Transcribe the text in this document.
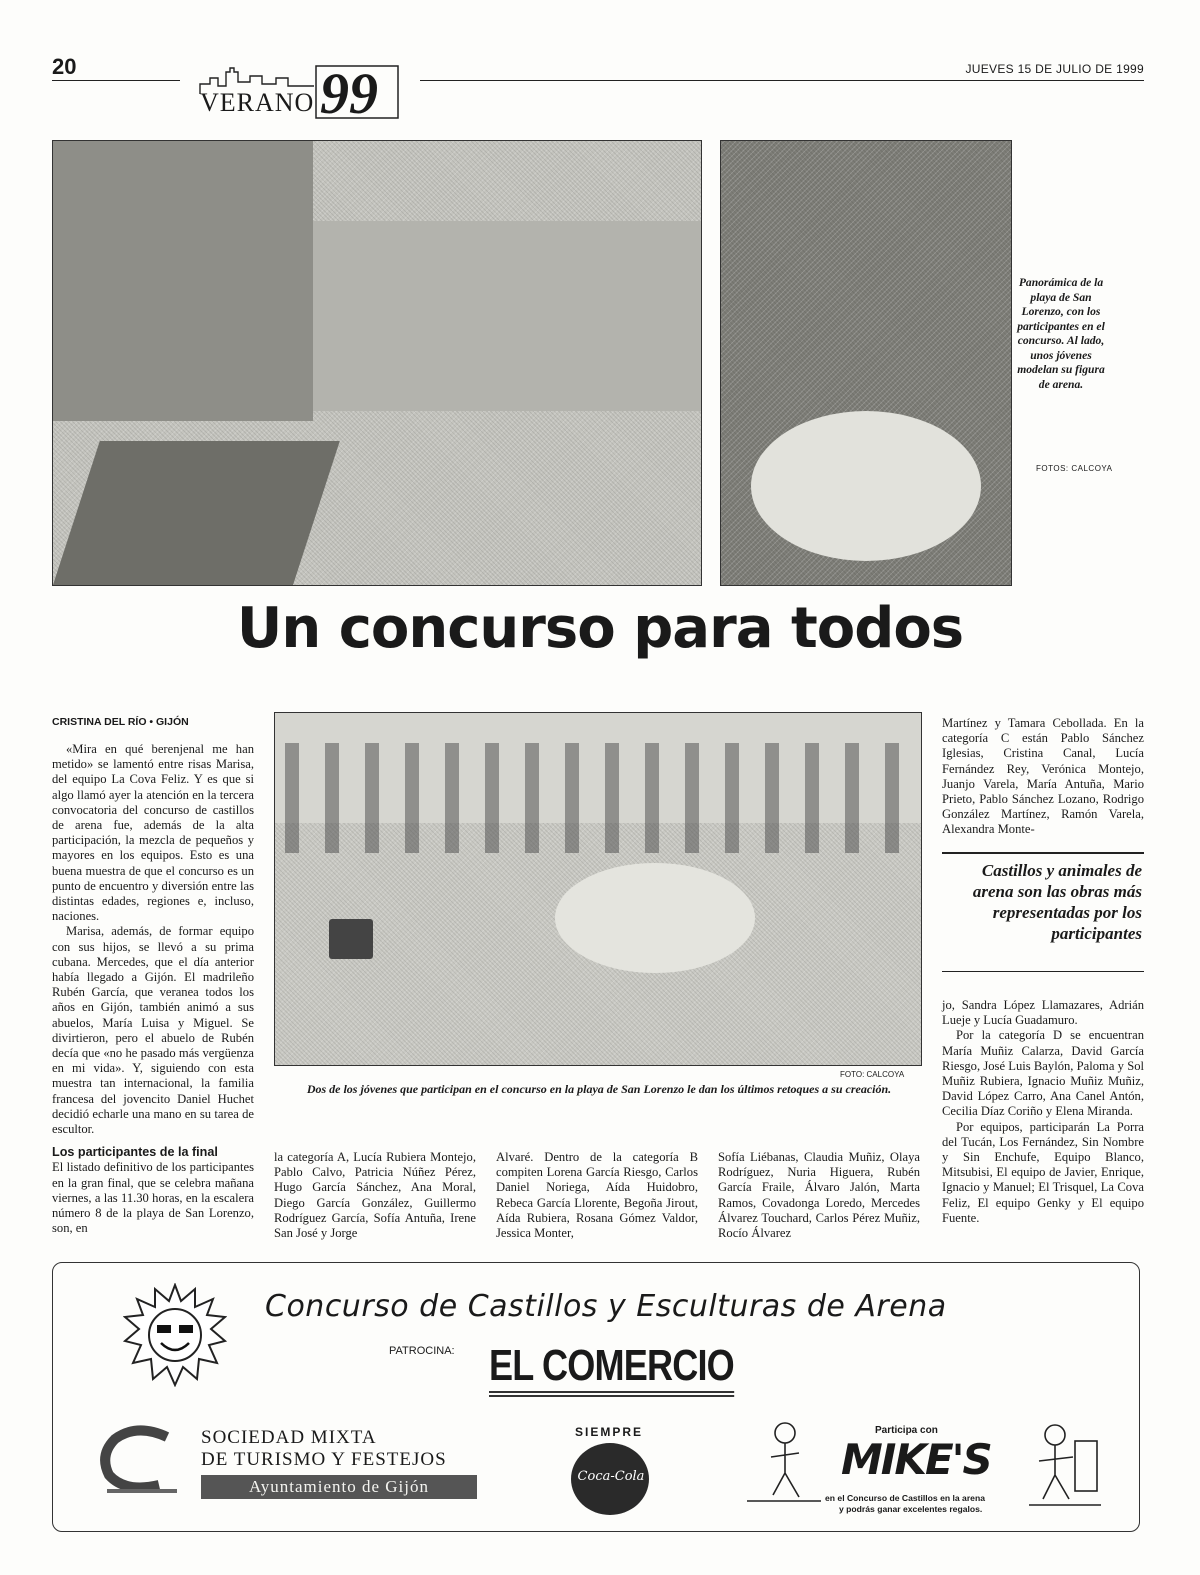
20
VERANO 99	JUEVES 15 DE JULIO DE 1999
Panorámica de la playa de San Lorenzo, con los participantes en el concurso. Al lado, unos jóvenes modelan su figura de arena.
FOTOS: CALCOYA
Un concurso para todos
CRISTINA DEL RÍO • GIJÓN

«Mira en qué berenjenal me han metido» se lamentó entre risas Marisa, del equipo La Cova Feliz. Y es que si algo llamó ayer la atención en la tercera convocatoria del concurso de castillos de arena fue, además de la alta participación, la mezcla de pequeños y mayores en los equipos. Esto es una buena muestra de que el concurso es un punto de encuentro y diversión entre las distintas edades, regiones e, incluso, naciones.

Marisa, además, de formar equipo con sus hijos, se llevó a su prima cubana. Mercedes, que el día anterior había llegado a Gijón. El madrileño Rubén García, que veranea todos los años en Gijón, también animó a sus abuelos, María Luisa y Miguel. Se divirtieron, pero el abuelo de Rubén decía que «no he pasado más vergüenza en mi vida». Y, siguiendo con esta muestra tan internacional, la familia francesa del jovencito Daniel Huchet decidió echarle una mano en su tarea de escultor.

Los participantes de la final

El listado definitivo de los participantes en la gran final, que se celebra mañana viernes, a las 11.30 horas, en la escalera número 8 de la playa de San Lorenzo, son, en

FOTO: CALCOYA
Dos de los jóvenes que participan en el concurso en la playa de San Lorenzo le dan los últimos retoques a su creación.
la categoría A, Lucía Rubiera Montejo, Pablo Calvo, Patricia Núñez Pérez, Hugo García Sánchez, Ana Moral, Diego García González, Guillermo Rodríguez García, Sofía Antuña, Irene San José y Jorge
Alvaré. Dentro de la categoría B compiten Lorena García Riesgo, Carlos Daniel Noriega, Aída Huidobro, Rebeca García Llorente, Begoña Jirout, Aída Rubiera, Rosana Gómez Valdor, Jessica Monter,
Sofía Liébanas, Claudia Muñiz, Olaya Rodríguez, Nuria Higuera, Rubén García Fraile, Álvaro Jalón, Marta Ramos, Covadonga Loredo, Mercedes Álvarez Touchard, Carlos Pérez Muñiz, Rocío Álvarez
Martínez y Tamara Cebollada. En la categoría C están Pablo Sánchez Iglesias, Cristina Canal, Lucía Fernández Rey, Verónica Montejo, Juanjo Varela, María Antuña, Mario Prieto, Pablo Sánchez Lozano, Rodrigo González Martínez, Ramón Varela, Alexandra Monte-
Castillos y animales de arena son las obras más representadas por los participantes

jo, Sandra López Llamazares, Adrián Lueje y Lucía Guadamuro.

Por la categoría D se encuentran María Muñiz Calarza, David García Riesgo, José Luis Baylón, Paloma y Sol Muñiz Rubiera, Ignacio Muñiz Muñiz, David López Carro, Ana Canel Antón, Cecilia Díaz Coriño y Elena Miranda.

Por equipos, participarán La Porra del Tucán, Los Fernández, Sin Nombre y Sin Enchufe, Equipo Blanco, Mitsubisi, El equipo de Javier, Enrique, Ignacio y Manuel; El Trisquel, La Cova Feliz, El equipo Genky y El equipo Fuente.

Concurso de Castillos y Esculturas de Arena
PATROCINA: EL COMERCIO
SOCIEDAD MIXTA
DE TURISMO Y FESTEJOS
Ayuntamiento de Gijón
SIEMPRE
Coca-Cola
Participa con
MIKE'S
en el Concurso de Castillos en la arena
y podrás ganar excelentes regalos.
